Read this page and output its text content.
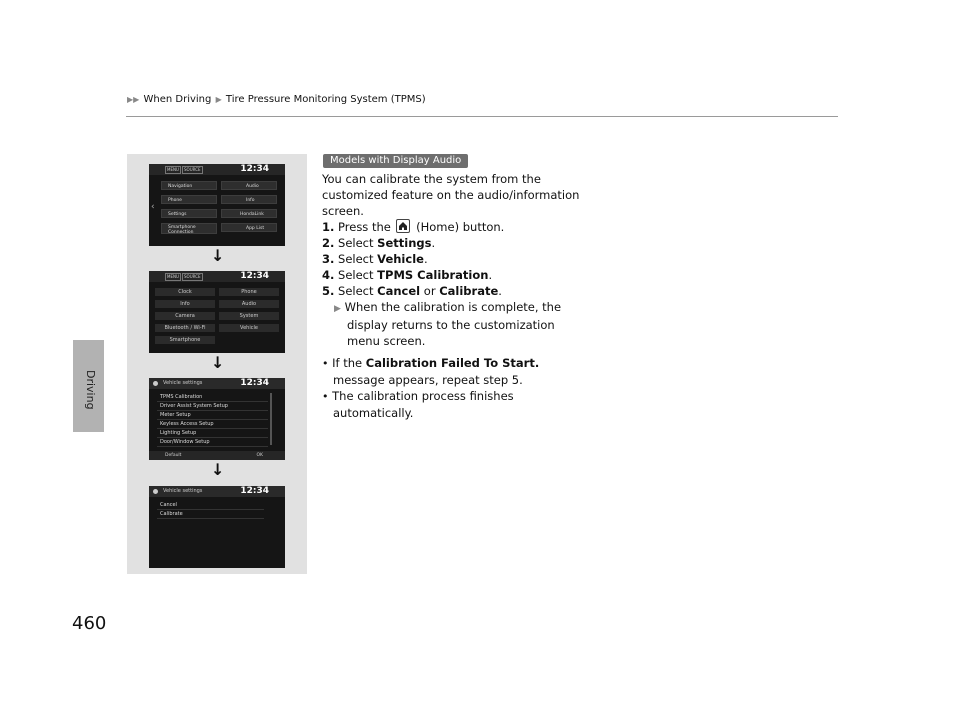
▶▶ When Driving ▶ Tire Pressure Monitoring System (TPMS)
Driving
460
MENU	SOURCE	12:34
Navigation
Phone
Settings
Smartphone Connection
Audio
Info
HondaLink
App List
‹
↓
MENU	SOURCE	12:34
Clock
Info
Camera
Bluetooth / Wi-Fi
Smartphone
Phone
Audio
System
Vehicle
↓
Vehicle settings	12:34
TPMS Calibration
Driver Assist System Setup
Meter Setup
Keyless Access Setup
Lighting Setup
Door/Window Setup
Default	OK
↓
Vehicle settings	12:34
Cancel
Calibrate
Models with Display Audio
You can calibrate the system from the
customized feature on the audio/information
screen.
1. Press the (Home) button.
2. Select Settings.
3. Select Vehicle.
4. Select TPMS Calibration.
5. Select Cancel or Calibrate.
▶ When the calibration is complete, the
display returns to the customization
menu screen.
• If the Calibration Failed To Start.
message appears, repeat step 5.
• The calibration process finishes
automatically.
